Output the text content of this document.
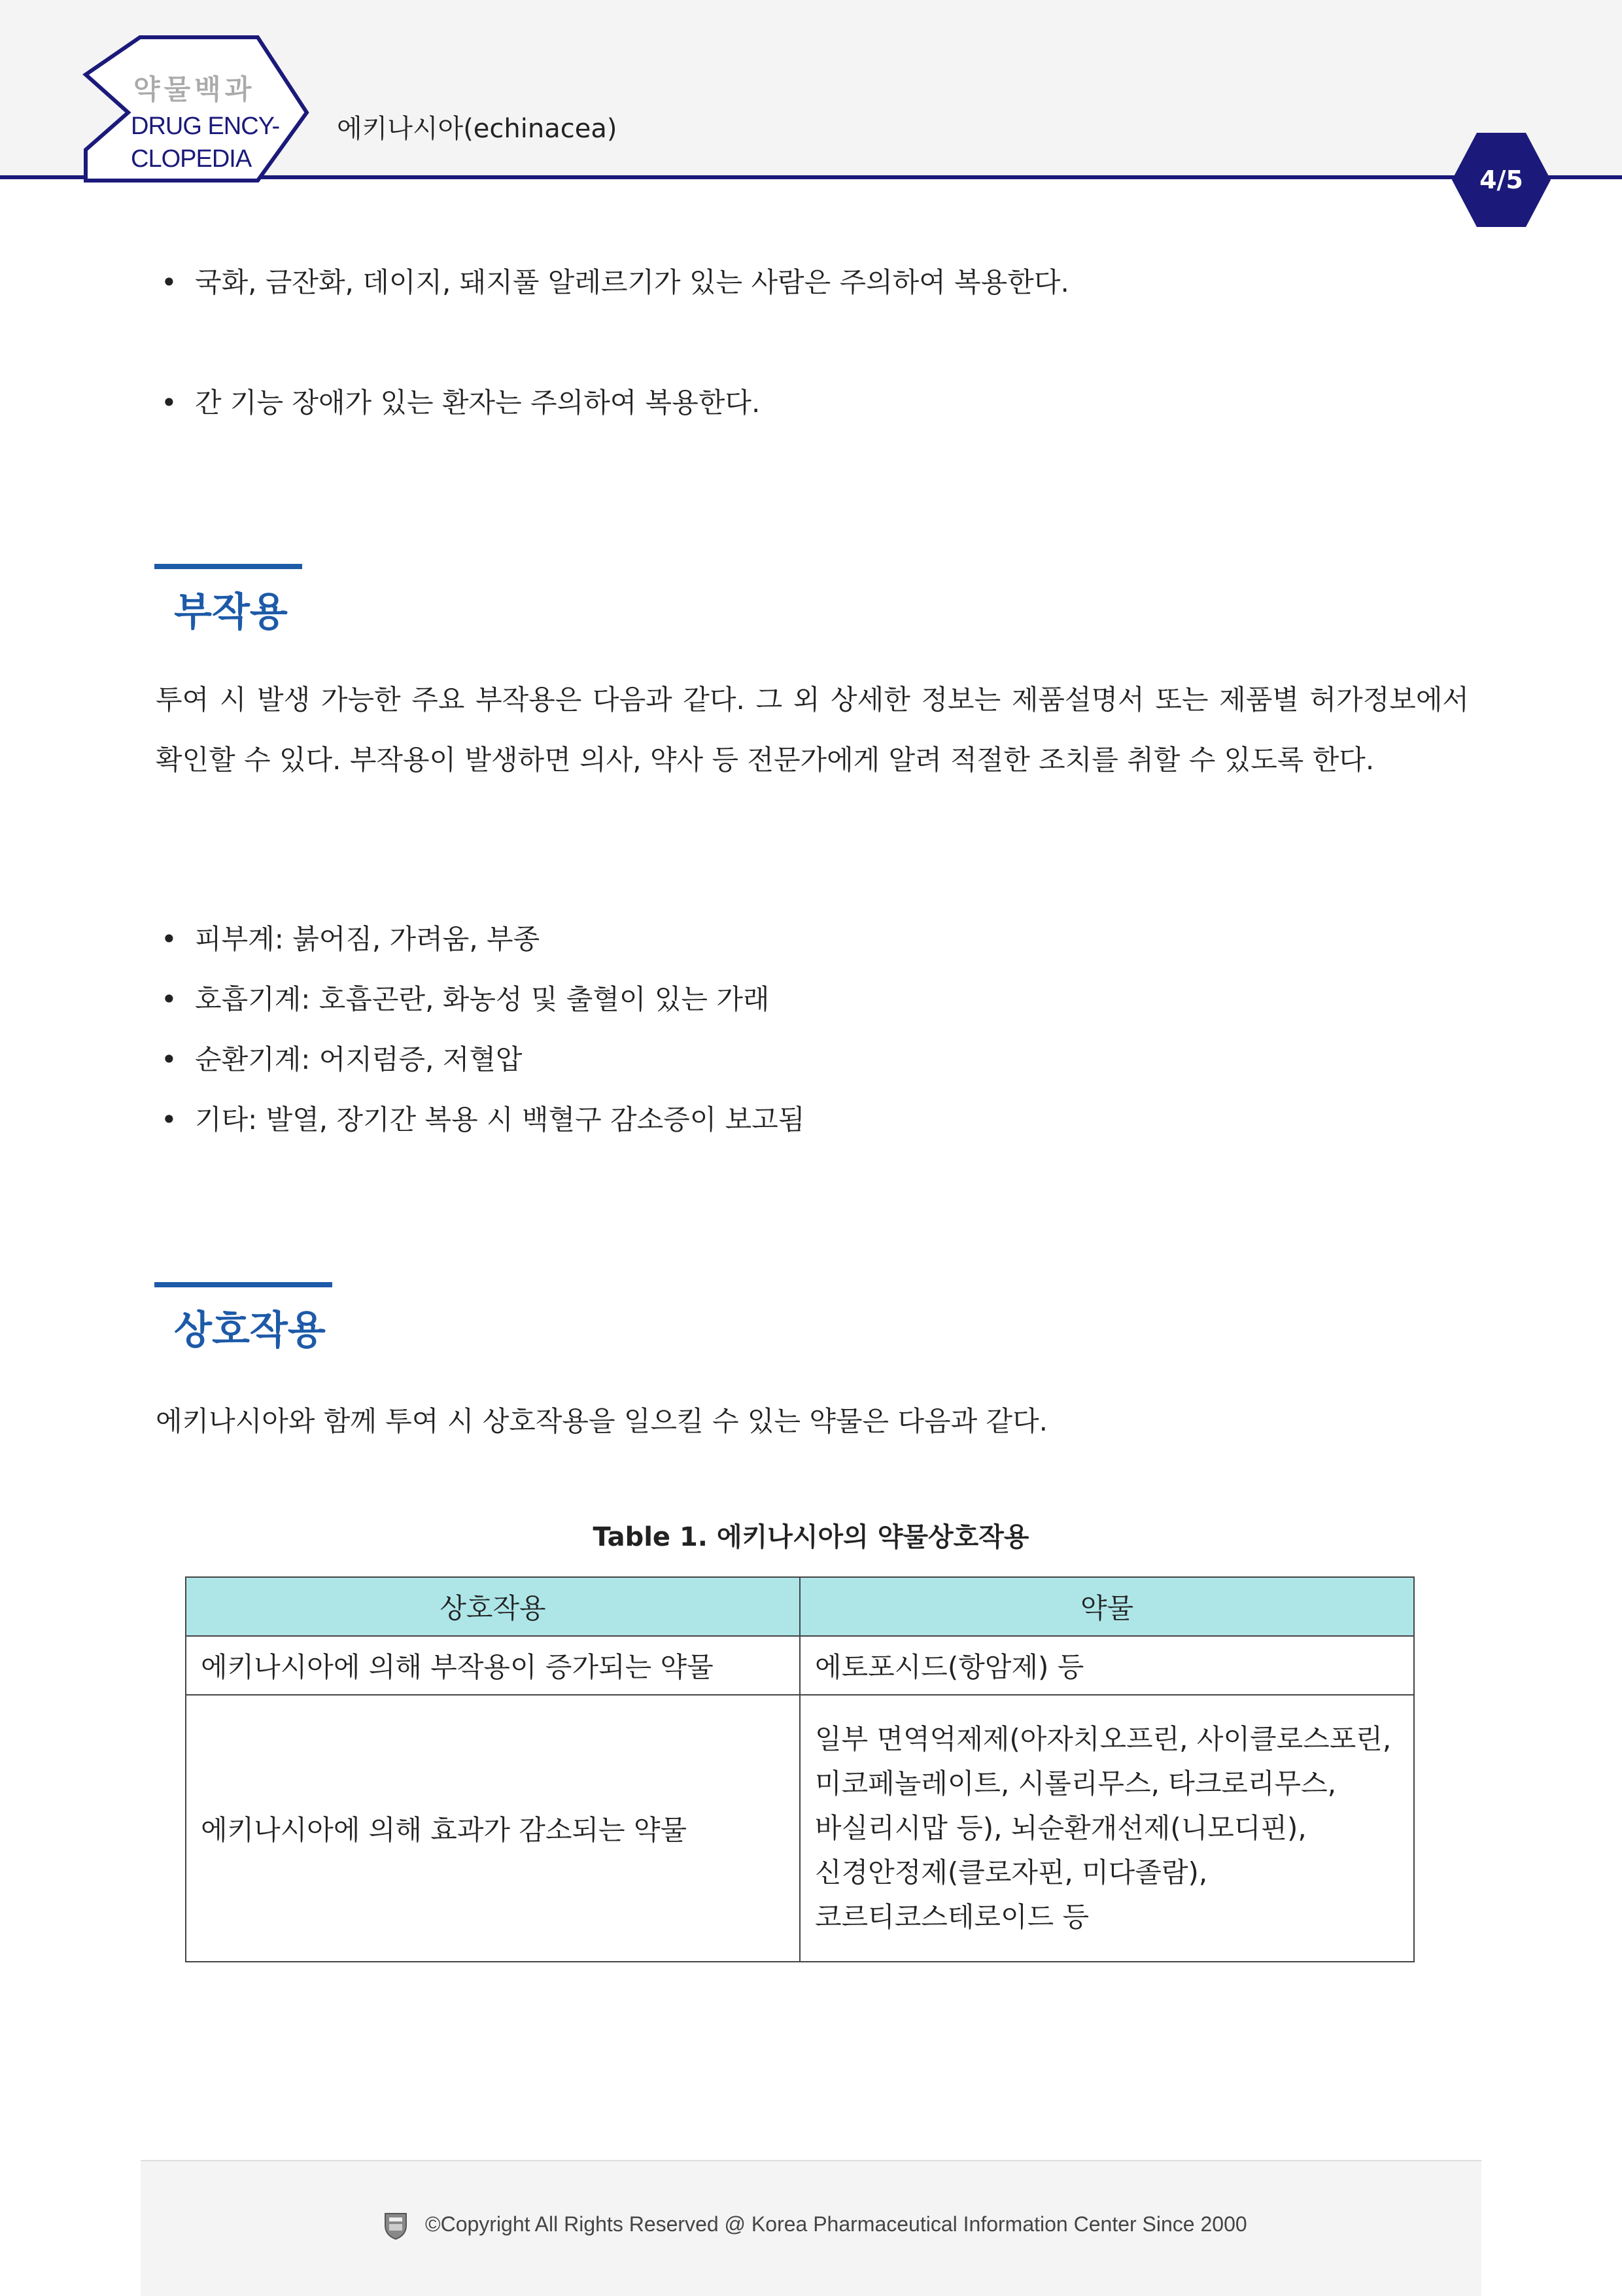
약물백과
DRUG ENCY-
CLOPEDIA
에키나시아(echinacea)
4/5
• 국화, 금잔화, 데이지, 돼지풀 알레르기가 있는 사람은 주의하여 복용한다.
• 간 기능 장애가 있는 환자는 주의하여 복용한다.
부작용
투여 시 발생 가능한 주요 부작용은 다음과 같다. 그 외 상세한 정보는 제품설명서 또는 제품별 허가정보에서 확인할 수 있다. 부작용이 발생하면 의사, 약사 등 전문가에게 알려 적절한 조치를 취할 수 있도록 한다.
• 피부계: 붉어짐, 가려움, 부종
• 호흡기계: 호흡곤란, 화농성 및 출혈이 있는 가래
• 순환기계: 어지럼증, 저혈압
• 기타: 발열, 장기간 복용 시 백혈구 감소증이 보고됨
상호작용
에키나시아와 함께 투여 시 상호작용을 일으킬 수 있는 약물은 다음과 같다.
Table 1. 에키나시아의 약물상호작용
상호작용	약물
에키나시아에 의해 부작용이 증가되는 약물	에토포시드(항암제) 등
에키나시아에 의해 효과가 감소되는 약물	일부 면역억제제(아자치오프린, 사이클로스포린,
미코페놀레이트, 시롤리무스, 타크로리무스,
바실리시맙 등), 뇌순환개선제(니모디핀),
신경안정제(클로자핀, 미다졸람),
코르티코스테로이드 등
©Copyright All Rights Reserved @ Korea Pharmaceutical Information Center Since 2000
